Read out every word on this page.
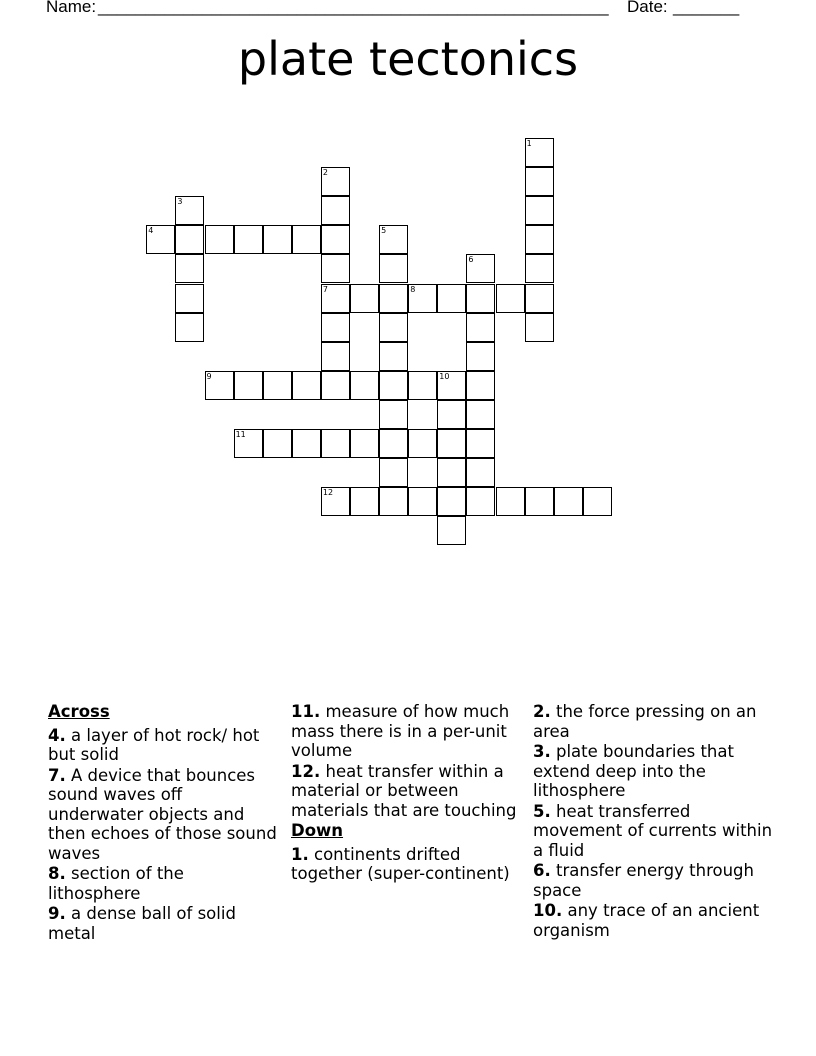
Name: ______________________________________________________ Date: _______
plate tectonics
1
2
7
3
4	5
6
8
9	10
11
12
Across
4. a layer of hot rock/ hot but solid
7. A device that bounces sound waves off underwater objects and then echoes of those sound waves
8. section of the lithosphere
9. a dense ball of solid metal
11. measure of how much mass there is in a per-unit volume
12. heat transfer within a material or between materials that are touching
Down
1. continents drifted together (super-continent)
2. the force pressing on an area
3. plate boundaries that extend deep into the lithosphere
5. heat transferred movement of currents within a fluid
6. transfer energy through space
10. any trace of an ancient organism
